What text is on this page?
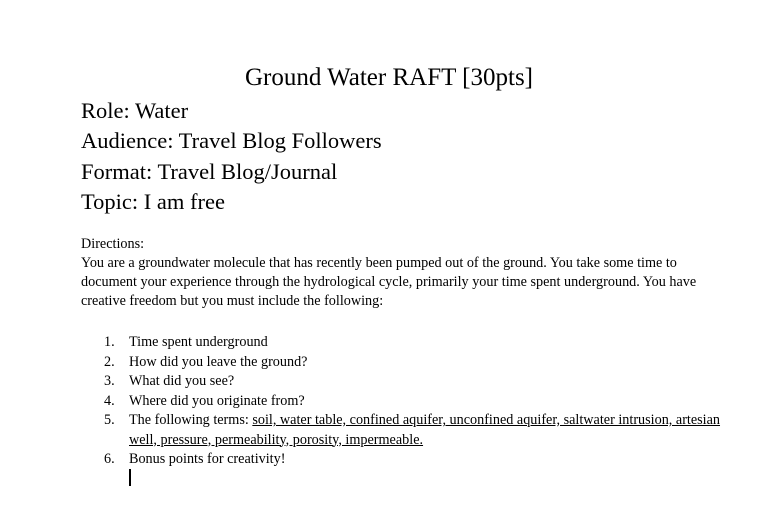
Ground Water RAFT [30pts]
Role: Water
Audience: Travel Blog Followers
Format: Travel Blog/Journal
Topic: I am free
Directions:

You are a groundwater molecule that has recently been pumped out of the ground. You take some time to document your experience through the hydrological cycle, primarily your time spent underground. You have creative freedom but you must include the following:

1. Time spent underground
2. How did you leave the ground?
3. What did you see?
4. Where did you originate from?
5. The following terms: soil, water table, confined aquifer, unconfined aquifer, saltwater intrusion, artesian well, pressure, permeability, porosity, impermeable.
6. Bonus points for creativity!
